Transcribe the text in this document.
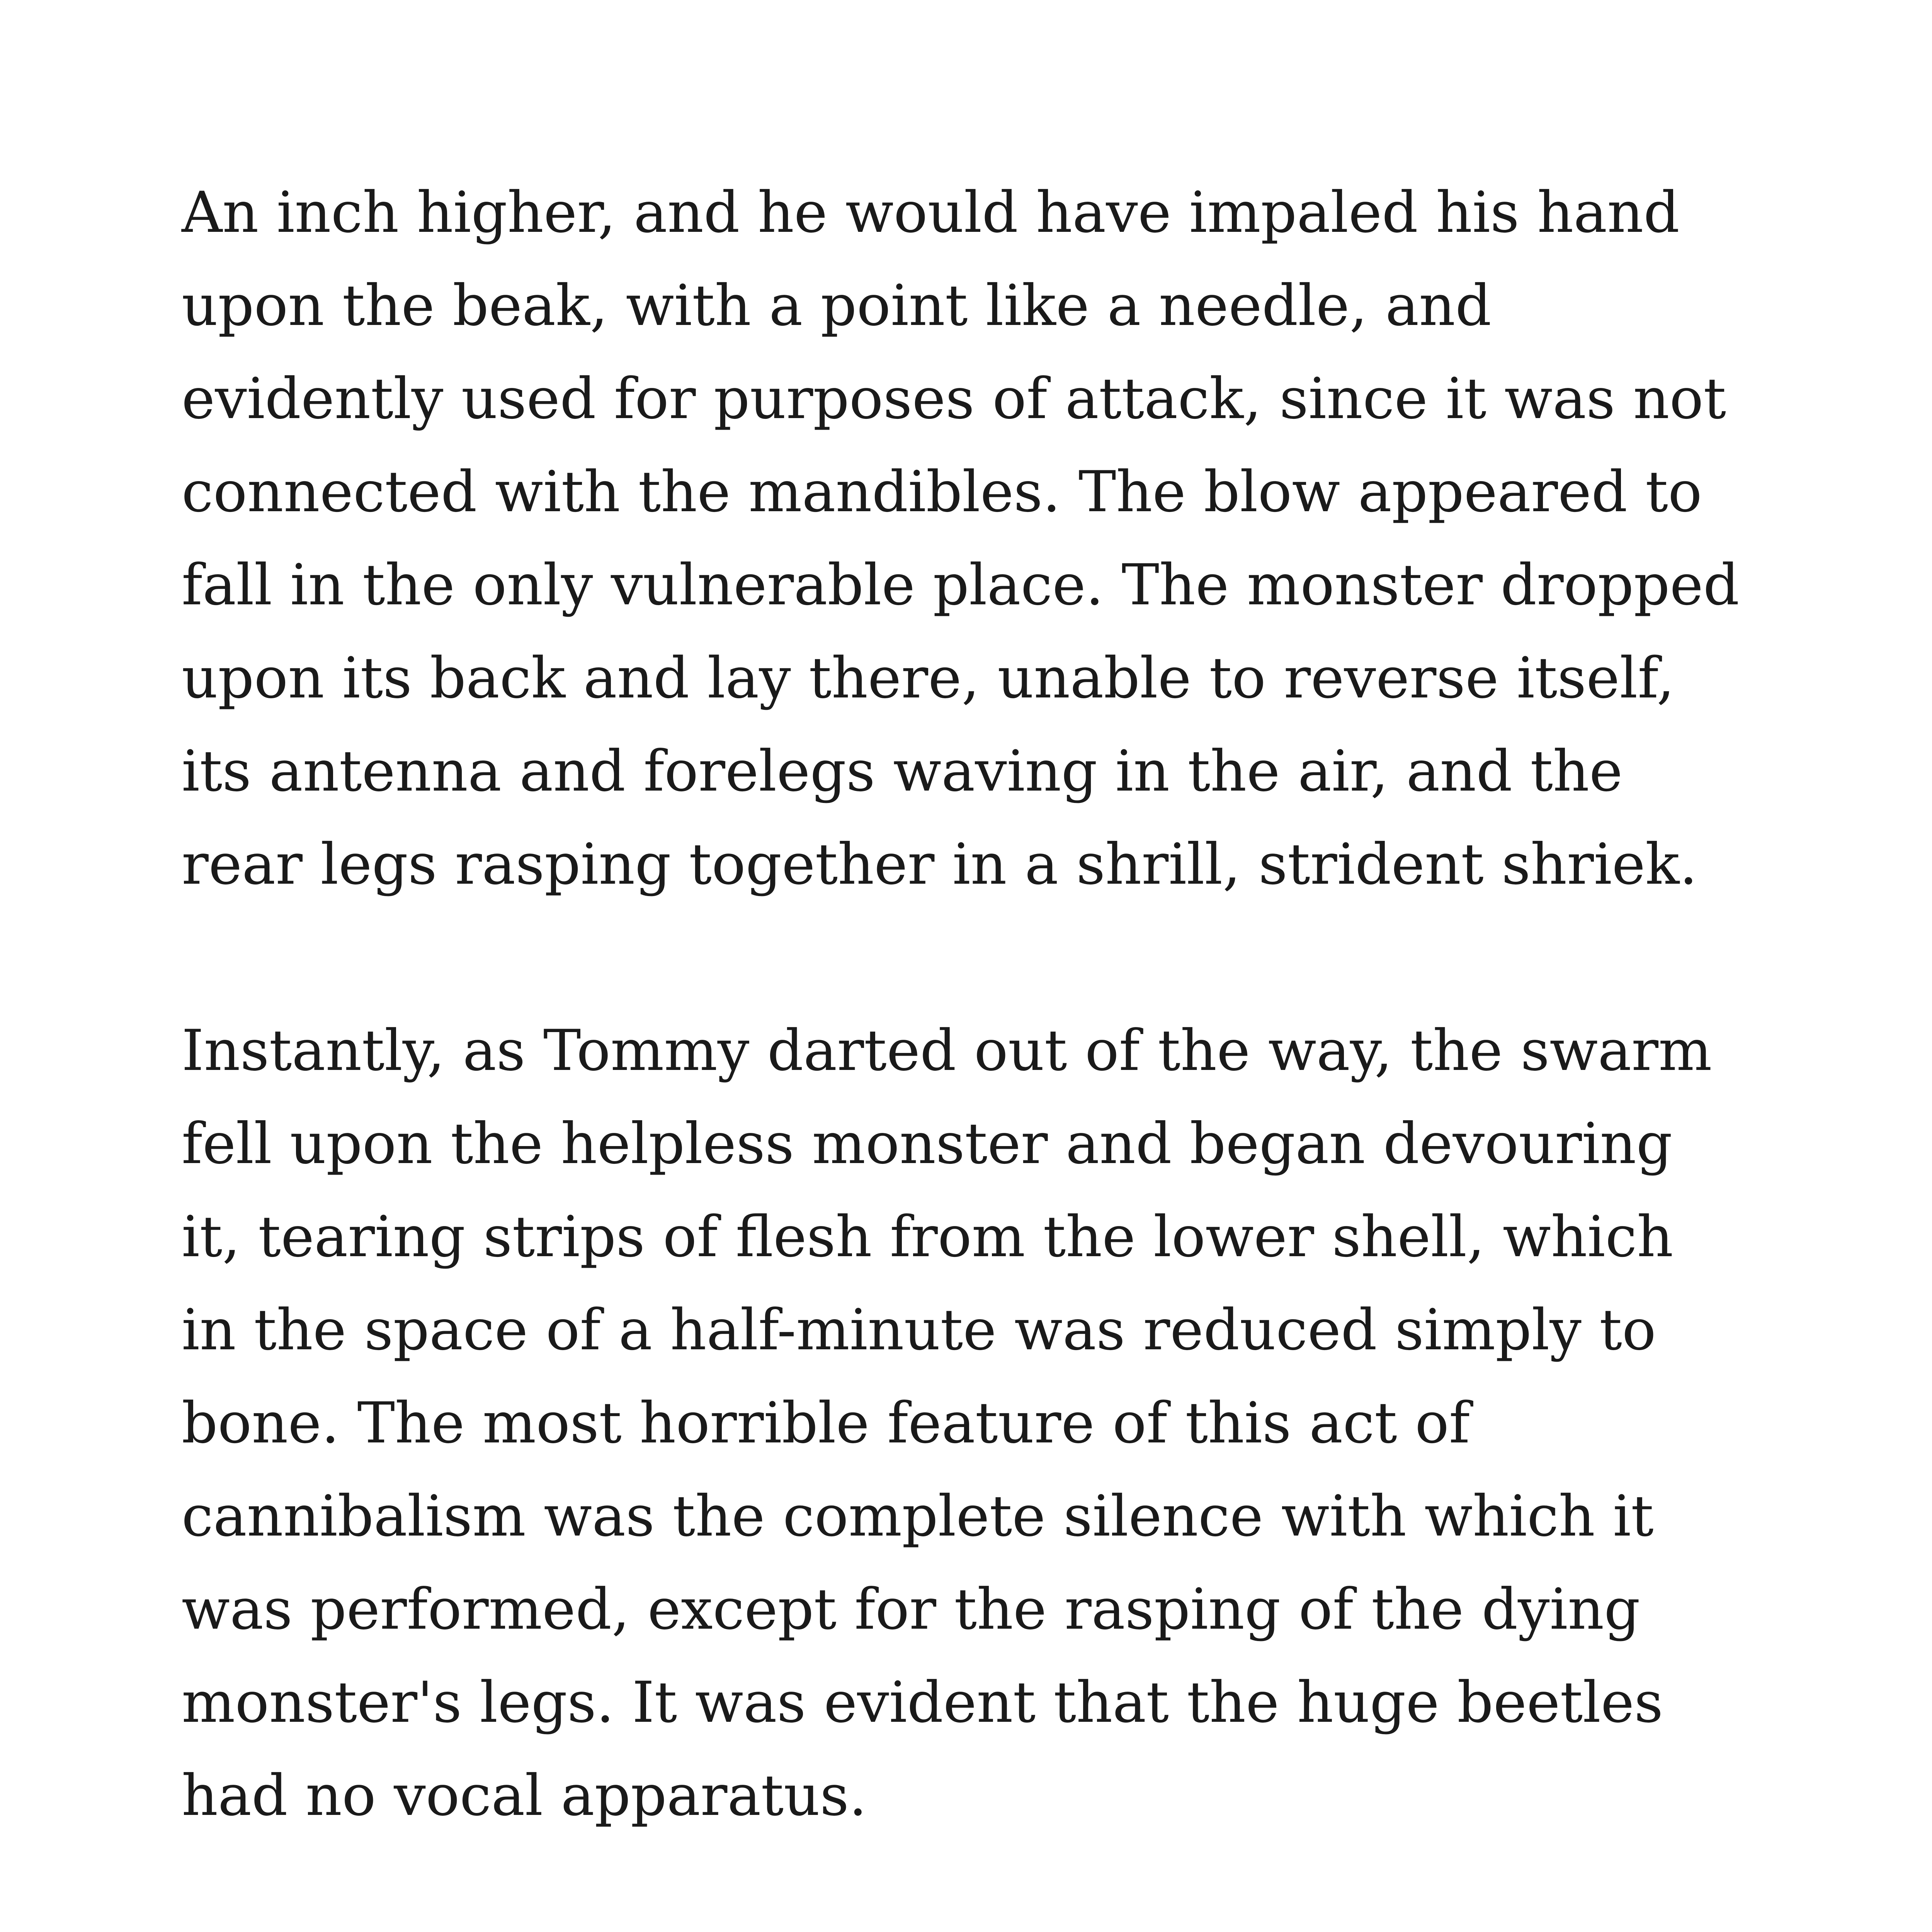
An inch higher, and he would have impaled his hand
upon the beak, with a point like a needle, and
evidently used for purposes of attack, since it was not
connected with the mandibles. The blow appeared to
fall in the only vulnerable place. The monster dropped
upon its back and lay there, unable to reverse itself,
its antenna and forelegs waving in the air, and the
rear legs rasping together in a shrill, strident shriek.

Instantly, as Tommy darted out of the way, the swarm
fell upon the helpless monster and began devouring
it, tearing strips of flesh from the lower shell, which
in the space of a half-minute was reduced simply to
bone. The most horrible feature of this act of
cannibalism was the complete silence with which it
was performed, except for the rasping of the dying
monster's legs. It was evident that the huge beetles
had no vocal apparatus.
